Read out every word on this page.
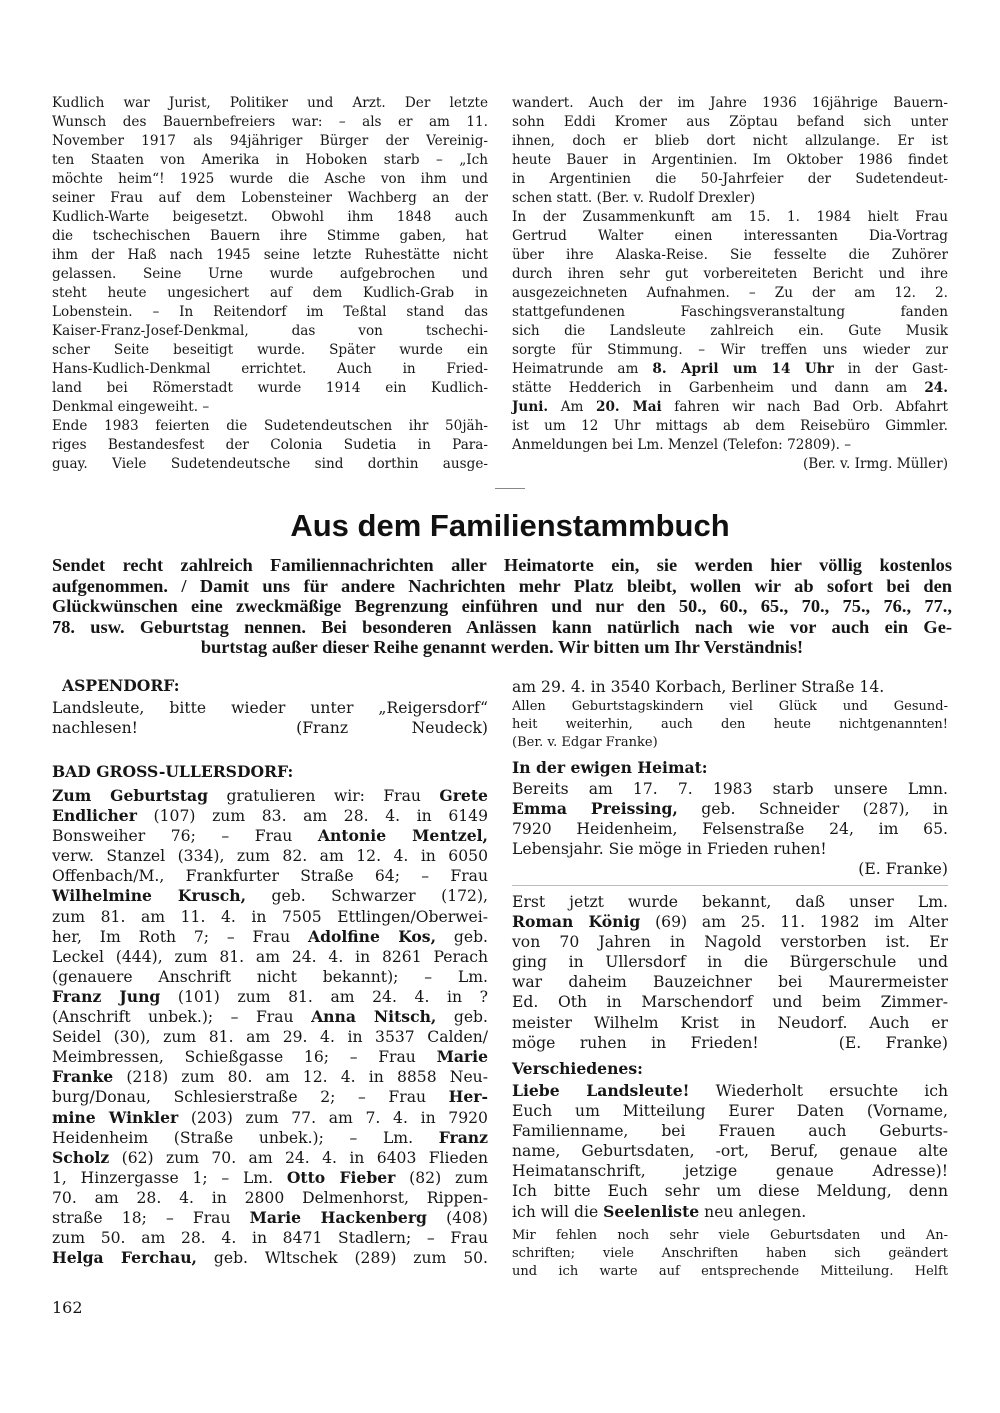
Kudlich war Jurist, Politiker und Arzt. Der letzte
Wunsch des Bauernbefreiers war: – als er am 11.
November 1917 als 94jähriger Bürger der Vereinig-
ten Staaten von Amerika in Hoboken starb – „Ich
möchte heim“! 1925 wurde die Asche von ihm und
seiner Frau auf dem Lobensteiner Wachberg an der
Kudlich-Warte beigesetzt. Obwohl ihm 1848 auch
die tschechischen Bauern ihre Stimme gaben, hat
ihm der Haß nach 1945 seine letzte Ruhestätte nicht
gelassen. Seine Urne wurde aufgebrochen und
steht heute ungesichert auf dem Kudlich-Grab in
Lobenstein. – In Reitendorf im Teßtal stand das
Kaiser-Franz-Josef-Denkmal, das von tschechi-
scher Seite beseitigt wurde. Später wurde ein
Hans-Kudlich-Denkmal errichtet. Auch in Fried-
land bei Römerstadt wurde 1914 ein Kudlich-
Denkmal eingeweiht. –
Ende 1983 feierten die Sudetendeutschen ihr 50jäh-
riges Bestandesfest der Colonia Sudetia in Para-
guay. Viele Sudetendeutsche sind dorthin ausge-
wandert. Auch der im Jahre 1936 16jährige Bauern-
sohn Eddi Kromer aus Zöptau befand sich unter
ihnen, doch er blieb dort nicht allzulange. Er ist
heute Bauer in Argentinien. Im Oktober 1986 findet
in Argentinien die 50-Jahrfeier der Sudetendeut-
schen statt. (Ber. v. Rudolf Drexler)
In der Zusammenkunft am 15. 1. 1984 hielt Frau
Gertrud Walter einen interessanten Dia-Vortrag
über ihre Alaska-Reise. Sie fesselte die Zuhörer
durch ihren sehr gut vorbereiteten Bericht und ihre
ausgezeichneten Aufnahmen. – Zu der am 12. 2.
stattgefundenen Faschingsveranstaltung fanden
sich die Landsleute zahlreich ein. Gute Musik
sorgte für Stimmung. – Wir treffen uns wieder zur
Heimatrunde am 8. April um 14 Uhr in der Gast-
stätte Hedderich in Garbenheim und dann am 24.
Juni. Am 20. Mai fahren wir nach Bad Orb. Abfahrt
ist um 12 Uhr mittags ab dem Reisebüro Gimmler.
Anmeldungen bei Lm. Menzel (Telefon: 72809). –
(Ber. v. Irmg. Müller)
Aus dem Familienstammbuch
Sendet recht zahlreich Familiennachrichten aller Heimatorte ein, sie werden hier völlig kostenlos
aufgenommen. / Damit uns für andere Nachrichten mehr Platz bleibt, wollen wir ab sofort bei den
Glückwünschen eine zweckmäßige Begrenzung einführen und nur den 50., 60., 65., 70., 75., 76., 77.,
78. usw. Geburtstag nennen. Bei besonderen Anlässen kann natürlich nach wie vor auch ein Ge-
burtstag außer dieser Reihe genannt werden. Wir bitten um Ihr Verständnis!
ASPENDORF:
Landsleute, bitte wieder unter „Reigersdorf“
nachlesen!    (Franz Neudeck)
BAD GROSS-ULLERSDORF:
Zum Geburtstag gratulieren wir: Frau Grete
Endlicher (107) zum 83. am 28. 4. in 6149
Bonsweiher 76; – Frau Antonie Mentzel,
verw. Stanzel (334), zum 82. am 12. 4. in 6050
Offenbach/M., Frankfurter Straße 64; – Frau
Wilhelmine Krusch, geb. Schwarzer (172),
zum 81. am 11. 4. in 7505 Ettlingen/Oberwei-
her, Im Roth 7; – Frau Adolfine Kos, geb.
Leckel (444), zum 81. am 24. 4. in 8261 Perach
(genauere Anschrift nicht bekannt); – Lm.
Franz Jung (101) zum 81. am 24. 4. in ?
(Anschrift unbek.); – Frau Anna Nitsch, geb.
Seidel (30), zum 81. am 29. 4. in 3537 Calden/
Meimbressen, Schießgasse 16; – Frau Marie
Franke (218) zum 80. am 12. 4. in 8858 Neu-
burg/Donau, Schlesierstraße 2; – Frau Her-
mine Winkler (203) zum 77. am 7. 4. in 7920
Heidenheim (Straße unbek.); – Lm. Franz
Scholz (62) zum 70. am 24. 4. in 6403 Flieden
1, Hinzergasse 1; – Lm. Otto Fieber (82) zum
70. am 28. 4. in 2800 Delmenhorst, Rippen-
straße 18; – Frau Marie Hackenberg (408)
zum 50. am 28. 4. in 8471 Stadlern; – Frau
Helga Ferchau, geb. Wltschek (289) zum 50.
am 29. 4. in 3540 Korbach, Berliner Straße 14.
Allen Geburtstagskindern viel Glück und Gesund-
heit weiterhin, auch den heute nichtgenannten!
(Ber. v. Edgar Franke)
In der ewigen Heimat:
Bereits am 17. 7. 1983 starb unsere Lmn.
Emma Preissing, geb. Schneider (287), in
7920 Heidenheim, Felsenstraße 24, im 65.
Lebensjahr. Sie möge in Frieden ruhen!
(E. Franke)
Erst jetzt wurde bekannt, daß unser Lm.
Roman König (69) am 25. 11. 1982 im Alter
von 70 Jahren in Nagold verstorben ist. Er
ging in Ullersdorf in die Bürgerschule und
war daheim Bauzeichner bei Maurermeister
Ed. Oth in Marschendorf und beim Zimmer-
meister Wilhelm Krist in Neudorf. Auch er
möge ruhen in Frieden!    (E. Franke)
Verschiedenes:
Liebe Landsleute! Wiederholt ersuchte ich
Euch um Mitteilung Eurer Daten (Vorname,
Familienname, bei Frauen auch Geburts-
name, Geburtsdaten, -ort, Beruf, genaue alte
Heimatanschrift, jetzige genaue Adresse)!
Ich bitte Euch sehr um diese Meldung, denn
ich will die Seelenliste neu anlegen.
Mir fehlen noch sehr viele Geburtsdaten und An-
schriften; viele Anschriften haben sich geändert
und ich warte auf entsprechende Mitteilung. Helft
162
